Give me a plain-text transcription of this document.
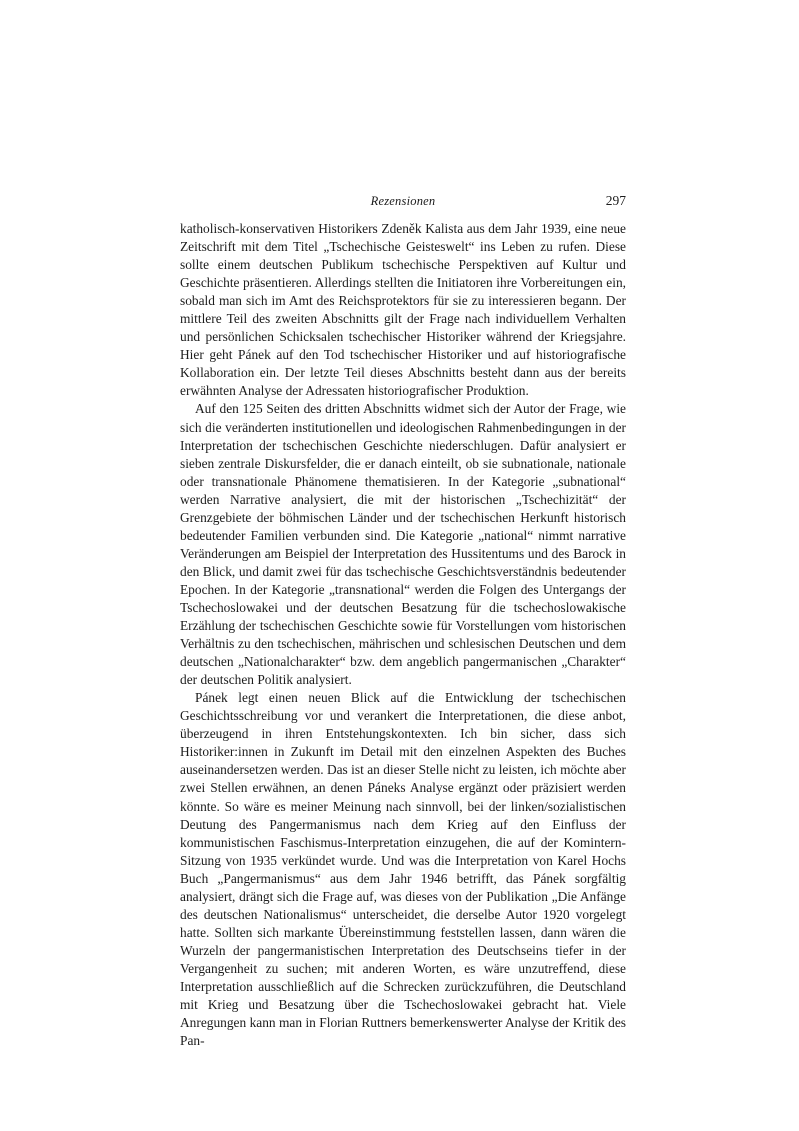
Rezensionen	297

katholisch-konservativen Historikers Zdeněk Kalista aus dem Jahr 1939, eine neue Zeitschrift mit dem Titel „Tschechische Geisteswelt“ ins Leben zu rufen. Diese sollte einem deutschen Publikum tschechische Perspektiven auf Kultur und Geschichte präsentieren. Allerdings stellten die Initiatoren ihre Vorbereitungen ein, sobald man sich im Amt des Reichsprotektors für sie zu interessieren begann. Der mittlere Teil des zweiten Abschnitts gilt der Frage nach individuellem Verhalten und persönlichen Schicksalen tschechischer Historiker während der Kriegsjahre. Hier geht Pánek auf den Tod tschechischer Historiker und auf historiografische Kollaboration ein. Der letzte Teil dieses Abschnitts besteht dann aus der bereits erwähnten Analyse der Adressaten historiografischer Produktion.

Auf den 125 Seiten des dritten Abschnitts widmet sich der Autor der Frage, wie sich die veränderten institutionellen und ideologischen Rahmenbedingungen in der Interpretation der tschechischen Geschichte niederschlugen. Dafür analysiert er sieben zentrale Diskursfelder, die er danach einteilt, ob sie subnationale, nationale oder transnationale Phänomene thematisieren. In der Kategorie „subnational“ werden Narrative analysiert, die mit der historischen „Tschechizität“ der Grenzgebiete der böhmischen Länder und der tschechischen Herkunft historisch bedeutender Familien verbunden sind. Die Kategorie „national“ nimmt narrative Veränderungen am Beispiel der Interpretation des Hussitentums und des Barock in den Blick, und damit zwei für das tschechische Geschichtsverständnis bedeutender Epochen. In der Kategorie „transnational“ werden die Folgen des Untergangs der Tschechoslowakei und der deutschen Besatzung für die tschechoslowakische Erzählung der tschechischen Geschichte sowie für Vorstellungen vom historischen Verhältnis zu den tschechischen, mährischen und schlesischen Deutschen und dem deutschen „Nationalcharakter“ bzw. dem angeblich pangermanischen „Charakter“ der deutschen Politik analysiert.

Pánek legt einen neuen Blick auf die Entwicklung der tschechischen Geschichtsschreibung vor und verankert die Interpretationen, die diese anbot, überzeugend in ihren Entstehungskontexten. Ich bin sicher, dass sich Historiker:innen in Zukunft im Detail mit den einzelnen Aspekten des Buches auseinandersetzen werden. Das ist an dieser Stelle nicht zu leisten, ich möchte aber zwei Stellen erwähnen, an denen Páneks Analyse ergänzt oder präzisiert werden könnte. So wäre es meiner Meinung nach sinnvoll, bei der linken/sozialistischen Deutung des Pangermanismus nach dem Krieg auf den Einfluss der kommunistischen Faschismus-Interpretation einzugehen, die auf der Komintern-Sitzung von 1935 verkündet wurde. Und was die Interpretation von Karel Hochs Buch „Pangermanismus“ aus dem Jahr 1946 betrifft, das Pánek sorgfältig analysiert, drängt sich die Frage auf, was dieses von der Publikation „Die Anfänge des deutschen Nationalismus“ unterscheidet, die derselbe Autor 1920 vorgelegt hatte. Sollten sich markante Übereinstimmung feststellen lassen, dann wären die Wurzeln der pangermanistischen Interpretation des Deutschseins tiefer in der Vergangenheit zu suchen; mit anderen Worten, es wäre unzutreffend, diese Interpretation ausschließlich auf die Schrecken zurückzuführen, die Deutschland mit Krieg und Besatzung über die Tschechoslowakei gebracht hat. Viele Anregungen kann man in Florian Ruttners bemerkenswerter Analyse der Kritik des Pan-
